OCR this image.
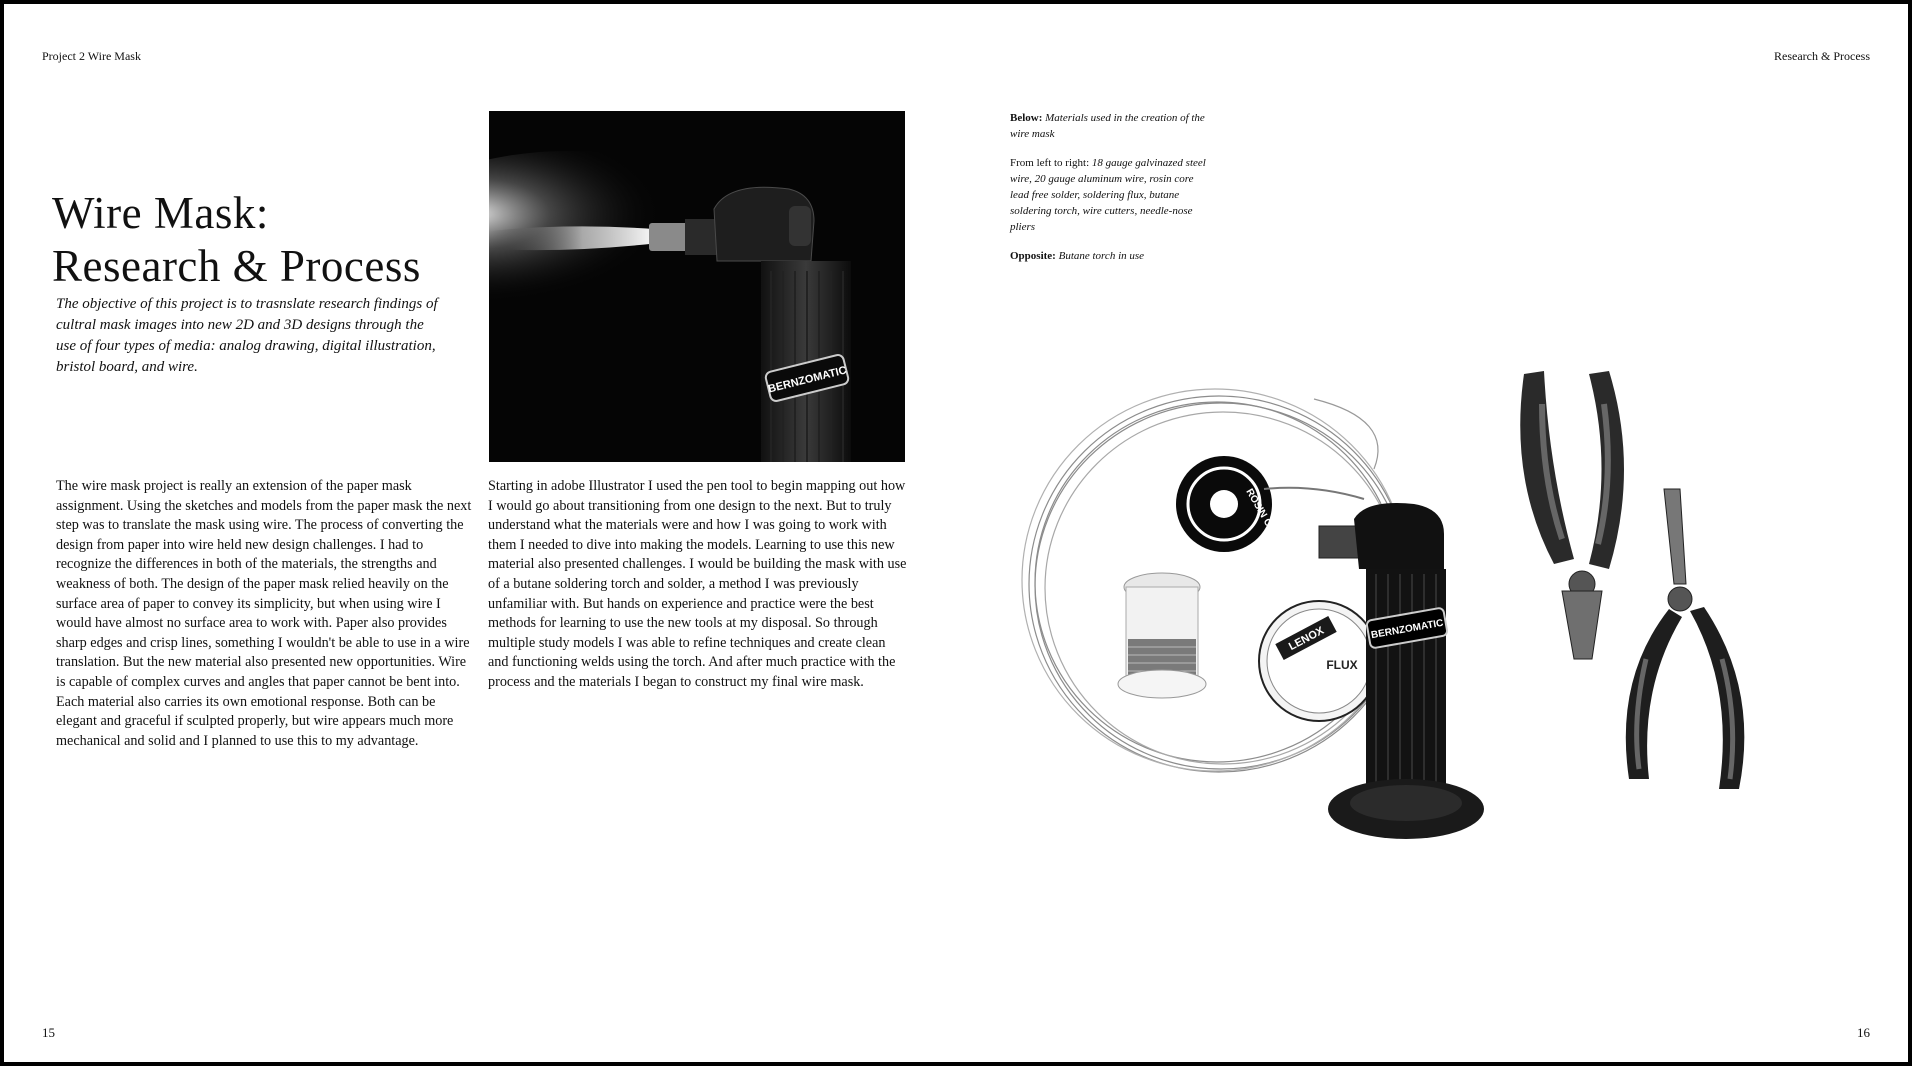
Project 2 Wire Mask	Research & Process
Wire Mask:
Research & Process
The objective of this project is to trasnslate research findings of cultral mask images into new 2D and 3D designs through the use of four types of media: analog drawing, digital illustration, bristol board, and wire.	BERNZOMATIC

Below: Materials used in the creation of the wire mask

From left to right: 18 gauge galvinazed steel wire, 20 gauge aluminum wire, rosin core lead free solder, soldering flux, butane soldering torch, wire cutters, needle-nose pliers

Opposite: Butane torch in use

The wire mask project is really an extension of the paper mask assignment. Using the sketches and models from the paper mask the next step was to translate the mask using wire. The process of converting the design from paper into wire held new design challenges. I had to recognize the differences in both of the materials, the strengths and weakness of both. The design of the paper mask relied heavily on the surface area of paper to convey its simplicity, but when using wire I would have almost no surface area to work with. Paper also provides sharp edges and crisp lines, something I wouldn't be able to use in a wire translation. But the new material also presented new opportunities. Wire is capable of complex curves and angles that paper cannot be bent into. Each material also carries its own emotional response. Both can be elegant and graceful if sculpted properly, but wire appears much more mechanical and solid and I planned to use this to my advantage.
Starting in adobe Illustrator I used the pen tool to begin mapping out how I would go about transitioning from one design to the next. But to truly understand what the materials were and how I was going to work with them I needed to dive into making the models. Learning to use this new material also presented challenges. I would be building the mask with use of a butane soldering torch and solder, a method I was previously unfamiliar with. But hands on experience and practice were the best methods for learning to use the new tools at my disposal. So through multiple study models I was able to refine techniques and create clean and functioning welds using the torch. And after much practice with the process and the materials I began to construct my final wire mask.
ROSIN CORE
LENOX
FLUX
BERNZOMATIC
15	16
